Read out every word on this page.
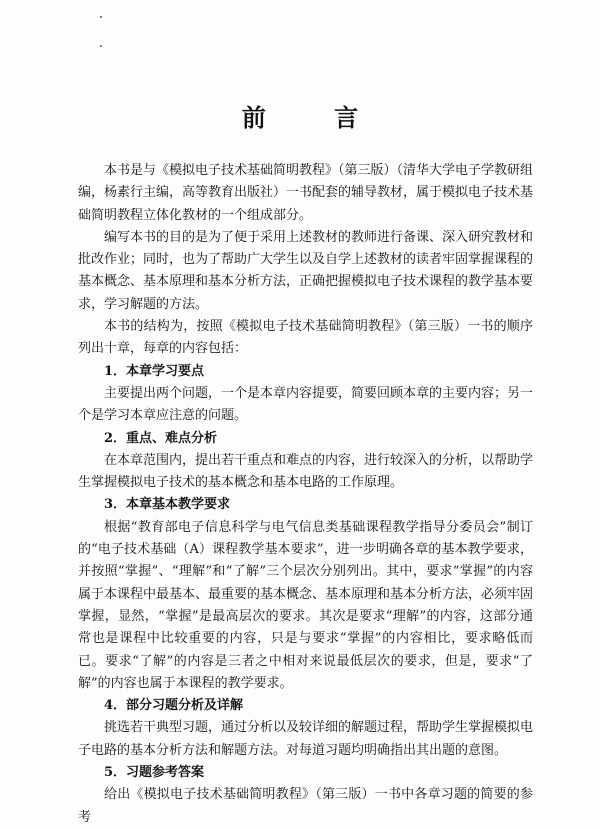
前 言

本书是与《模拟电子技术基础简明教程》（第三版）（清华大学电子学教研组编，杨素行主编，高等教育出版社）一书配套的辅导教材，属于模拟电子技术基础简明教程立体化教材的一个组成部分。

编写本书的目的是为了便于采用上述教材的教师进行备课、深入研究教材和批改作业；同时，也为了帮助广大学生以及自学上述教材的读者牢固掌握课程的基本概念、基本原理和基本分析方法，正确把握模拟电子技术课程的教学基本要求，学习解题的方法。

本书的结构为，按照《模拟电子技术基础简明教程》（第三版）一书的顺序列出十章，每章的内容包括：

1．本章学习要点

主要提出两个问题，一个是本章内容提要，简要回顾本章的主要内容；另一个是学习本章应注意的问题。

2．重点、难点分析

在本章范围内，提出若干重点和难点的内容，进行较深入的分析，以帮助学生掌握模拟电子技术的基本概念和基本电路的工作原理。

3．本章基本教学要求

根据“教育部电子信息科学与电气信息类基础课程教学指导分委员会”制订的“电子技术基础（A）课程教学基本要求”，进一步明确各章的基本教学要求，并按照“掌握”、“理解”和“了解”三个层次分别列出。其中，要求“掌握”的内容属于本课程中最基本、最重要的基本概念、基本原理和基本分析方法，必须牢固掌握，显然，“掌握”是最高层次的要求。其次是要求“理解”的内容，这部分通常也是课程中比较重要的内容，只是与要求“掌握”的内容相比，要求略低而已。要求“了解”的内容是三者之中相对来说最低层次的要求，但是，要求“了解”的内容也属于本课程的教学要求。

4．部分习题分析及详解

挑选若干典型习题，通过分析以及较详细的解题过程，帮助学生掌握模拟电子电路的基本分析方法和解题方法。对每道习题均明确指出其出题的意图。

5．习题参考答案

给出《模拟电子技术基础简明教程》（第三版）一书中各章习题的简要的参考
